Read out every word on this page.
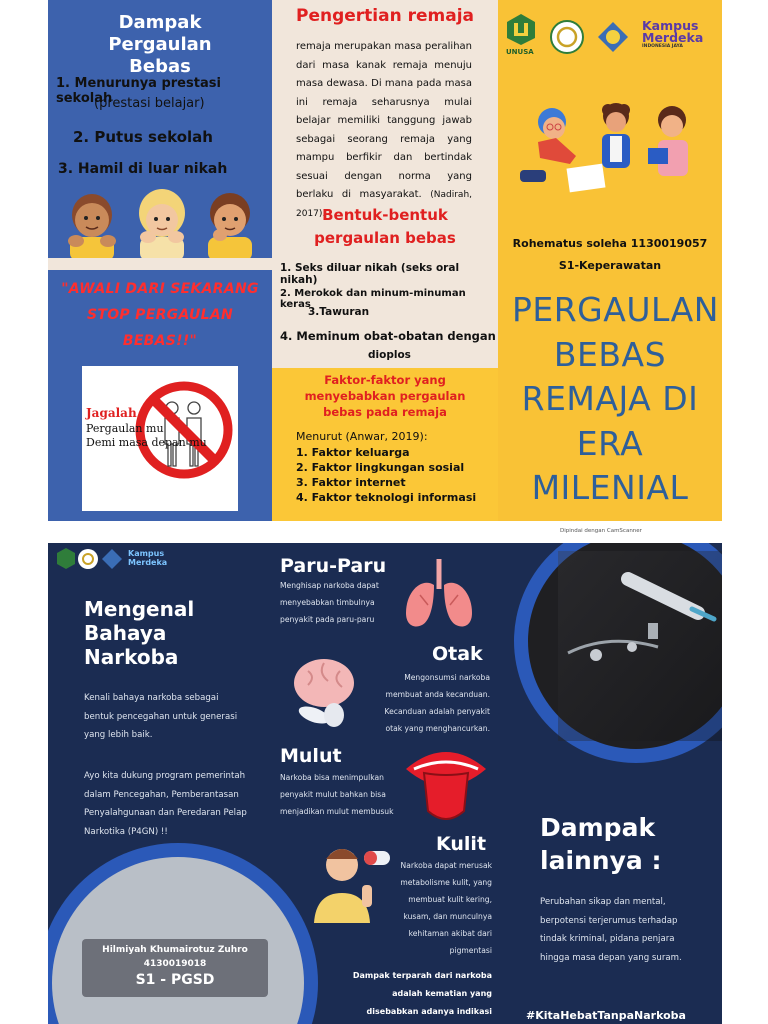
Dampak Pergaulan Bebas
1. Menurunya prestasi sekolah
(prestasi belajar)
2. Putus sekolah
3. Hamil di luar nikah
"AWALI DARI SEKARANG STOP PERGAULAN BEBAS!!"
Jagalah
Pergaulan mu
Demi masa depan mu
Pengertian remaja
remaja merupakan masa peralihan dari masa kanak remaja menuju masa dewasa. Di mana pada masa ini remaja seharusnya mulai belajar memiliki tanggung jawab sebagai seorang remaja yang mampu berfikir dan bertindak sesuai dengan norma yang berlaku di masyarakat. (Nadirah, 2017).
Bentuk-bentuk pergaulan bebas
1. Seks diluar nikah (seks oral nikah)
2. Merokok dan minum-minuman keras
3.Tawuran
4. Meminum obat-obatan dengan
dioplos
Faktor-faktor yang menyebabkan pergaulan bebas pada remaja
Menurut (Anwar, 2019):
1. Faktor keluarga
2. Faktor lingkungan sosial
3. Faktor internet
4. Faktor teknologi informasi
UNUSA
Kampus
Merdeka
INDONESIA JAYA
Rohematus soleha 1130019057
S1-Keperawatan
PERGAULAN BEBAS REMAJA DI ERA MILENIAL
Dipindai dengan CamScanner
Kampus Merdeka
Mengenal Bahaya Narkoba
Kenali bahaya narkoba sebagai bentuk pencegahan untuk generasi yang lebih baik.
Ayo kita dukung program pemerintah dalam Pencegahan, Pemberantasan Penyalahgunaan dan Peredaran Pelap Narkotika (P4GN) !!
Hilmiyah Khumairotuz Zuhro
4130019018
S1 - PGSD
Paru-Paru
Menghisap narkoba dapat menyebabkan timbulnya penyakit pada paru-paru
Otak
Mengonsumsi narkoba membuat anda kecanduan. Kecanduan adalah penyakit otak yang menghancurkan.
Mulut
Narkoba bisa menimpulkan penyakit mulut bahkan bisa menjadikan mulut membusuk
Kulit
Narkoba dapat merusak metabolisme kulit, yang membuat kulit kering, kusam, dan munculnya kehitaman akibat dari pigmentasi
Dampak terparah dari narkoba adalah kematian yang disebabkan adanya indikasi
Dampak lainnya :
Perubahan sikap dan mental, berpotensi terjerumus terhadap tindak kriminal, pidana penjara hingga masa depan yang suram.
#KitaHebatTanpaNarkoba
